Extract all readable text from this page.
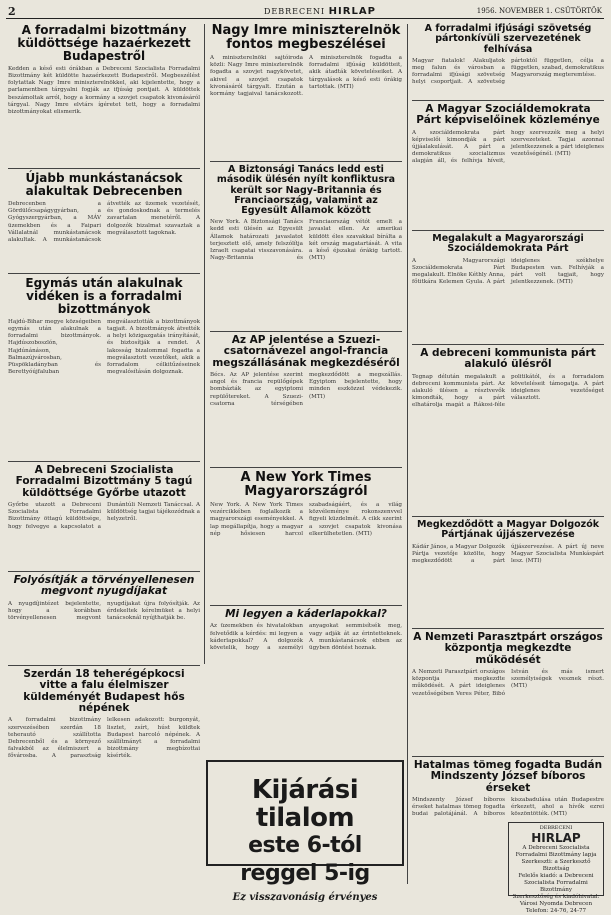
2	DEBRECENI HIRLAP	1956. NOVEMBER 1. CSÜTÖRTÖK
A forradalmi bizottmány küldöttsége hazaérkezett Budapestről
Kedden a késő esti órákban a Debreceni Szocialista Forradalmi Bizottmány két küldötte hazaérkezett Budapestről. Megbeszélést folytattak Nagy Imre miniszterelnökkel, aki kijelentette, hogy a parlamentben tárgyalni fogják az ifjúság pontjait. A küldöttek beszámoltak arról, hogy a kormány a szovjet csapatok kivonásáról tárgyal. Nagy Imre elvtárs ígéretet tett, hogy a forradalmi bizottmányokat elismerik.
Újabb munkástanácsok alakultak Debrecenben
Debrecenben a Gördülőcsapágygyárban, a Gyógyszergyárban, a MÁV üzemekben és a Faipari Vállalatnál munkástanácsok alakultak. A munkástanácsok átvették az üzemek vezetését, és gondoskodnak a termelés zavartalan menetéről. A dolgozók bizalmat szavaztak a megválasztott tagoknak.
Egymás után alakulnak vidéken is a forradalmi bizottmányok
Hajdú-Bihar megye községeiben egymás után alakulnak a forradalmi bizottmányok. Hajdúszoboszlón, Hajdúnánáson, Balmazújvárosban, Püspökladányban és Berettyóújfaluban megválasztották a bizottmányok tagjait. A bizottmányok átvették a helyi közigazgatás irányítását, és biztosítják a rendet. A lakosság bizalommal fogadta a megválasztott vezetőket, akik a forradalom célkitűzéseinek megvalósításán dolgoznak.
A Debreceni Szocialista Forradalmi Bizottmány 5 tagú küldöttsége Győrbe utazott
Győrbe utazott a Debreceni Szocialista Forradalmi Bizottmány öttagú küldöttsége, hogy felvegye a kapcsolatot a Dunántúli Nemzeti Tanáccsal. A küldöttség tagjai tájékozódnak a helyzetről.
Folyósítják a törvényellenesen megvont nyugdíjakat
A nyugdíjintézet bejelentette, hogy a korábban törvényellenesen megvont nyugdíjakat újra folyósítják. Az érdekeltek kérelmüket a helyi tanácsoknál nyújthatják be.
Szerdán 18 teherégépkocsi vitte a falu élelmiszer küldeményét Budapest hős népének
A forradalmi bizottmány szervezésében szerdán 18 teherautó szállította Debrecenből és a környező falvakból az élelmiszert a fővárosba. A parasztság lelkesen adakozott: burgonyát, lisztet, zsírt, húst küldtek Budapest harcoló népének. A szállítmányt a forradalmi bizottmány megbízottai kísérték.
Nagy Imre miniszterelnök fontos megbeszélései
A miniszterelnöki sajtóiroda közli: Nagy Imre miniszterelnök fogadta a szovjet nagykövetet, akivel a szovjet csapatok kivonásáról tárgyalt. Ezután a kormány tagjaival tanácskozott. A miniszterelnök fogadta a forradalmi ifjúság küldötteit, akik átadták követeléseiket. A tárgyalások a késő esti órákig tartottak. (MTI)
A Biztonsági Tanács ledd esti második ülésén nyílt konfliktusra került sor Nagy-Britannia és Franciaország, valamint az Egyesült Államok között
New York. A Biztonsági Tanács kedd esti ülésén az Egyesült Államok határozati javaslatot terjesztett elő, amely felszólítja Izraelt csapatai visszavonására. Nagy-Britannia és Franciaország vétót emelt a javaslat ellen. Az amerikai küldött éles szavakkal bírálta a két ország magatartását. A vita a késő éjszakai órákig tartott. (MTI)
Az AP jelentése a Szuezi-csatornávezel angol-francia megszállásának megkezdéséről
Bécs. Az AP jelentése szerint angol és francia repülőgépek bombázták az egyiptomi repülőtereket. A Szuezi-csatorna térségében megkezdődött a megszállás. Egyiptom bejelentette, hogy minden eszközzel védekezik. (MTI)
A New York Times Magyarországról
New York. A New York Times vezércikkében foglalkozik a magyarországi eseményekkel. A lap megállapítja, hogy a magyar nép hősiesen harcol szabadságáért, és a világ közvéleménye rokonszenvvel figyeli küzdelmét. A cikk szerint a szovjet csapatok kivonása elkerülhetetlen. (MTI)
Mi legyen a káderlapokkal?
Az üzemekben és hivatalokban felvetődik a kérdés: mi legyen a káderlapokkal? A dolgozók követelik, hogy a személyi anyagokat semmisítsék meg, vagy adják át az érintetteknek. A munkástanácsok ebben az ügyben döntést hoznak.
Kijárási tilalom
este 6-tól reggel 5-ig
Ez visszavonásig érvényes
A forradalmi ifjúsági szövetség pártonkívüli szervezetének felhívása
Magyar fiatalok! Alakuljatok meg falun és városban a forradalmi ifjúsági szövetség helyi csoportjait. A szövetség pártoktól független, célja a független, szabad, demokratikus Magyarország megteremtése.
A Magyar Szociáldemokrata Párt képviselőinek közleménye
A szociáldemokrata párt képviselői kimondják a párt újjáalakulását. A párt a demokratikus szocializmus alapján áll, és felhívja híveit, hogy szervezzék meg a helyi szervezeteket. Tagjai azonnal jelentkezzenek a párt ideiglenes vezetőségénél. (MTI)
Megalakult a Magyarországi Szociáldemokrata Párt
A Magyarországi Szociáldemokrata Párt megalakult. Elnöke Kéthly Anna, főtitkára Kelemen Gyula. A párt ideiglenes székhelye Budapesten van. Felhívják a párt volt tagjait, hogy jelentkezzenek. (MTI)
A debreceni kommunista párt alakuló ülésről
Tegnap délután megalakult a debreceni kommunista párt. Az alakuló ülésen a résztvevők kimondták, hogy a párt elhatárolja magát a Rákosi-féle politikától, és a forradalom követeléseit támogatja. A párt ideiglenes vezetőséget választott.
Megkezdődött a Magyar Dolgozók Pártjának újjászervezése
Kádár János, a Magyar Dolgozók Pártja vezetője közölte, hogy megkezdődött a párt újjászervezése. A párt új neve Magyar Szocialista Munkáspárt lesz. (MTI)
A Nemzeti Parasztpárt országos központja megkezdte működését
A Nemzeti Parasztpárt országos központja megkezdte működését. A párt ideiglenes vezetőségében Veres Péter, Bibó István és más ismert személyiségek vesznek részt. (MTI)
Hatalmas tömeg fogadta Budán Mindszenty József bíboros érseket
Mindszenty József bíboros érseket hatalmas tömeg fogadta budai palotájánál. A bíboros kiszabadulása után Budapestre érkezett, ahol a hívők ezrei köszöntötték. (MTI)
DEBRECENI
HIRLAP
A Debreceni Szocialista Forradalmi Bizottmány lapja
Szerkeszti: a Szerkesztő Bizottság
Felelős kiadó: a Debreceni Szocialista Forradalmi Bizottmány
Szerkesztőség és kiadóhivatal: Városi Nyomda Debrecen
Telefon: 24-76, 24-77
